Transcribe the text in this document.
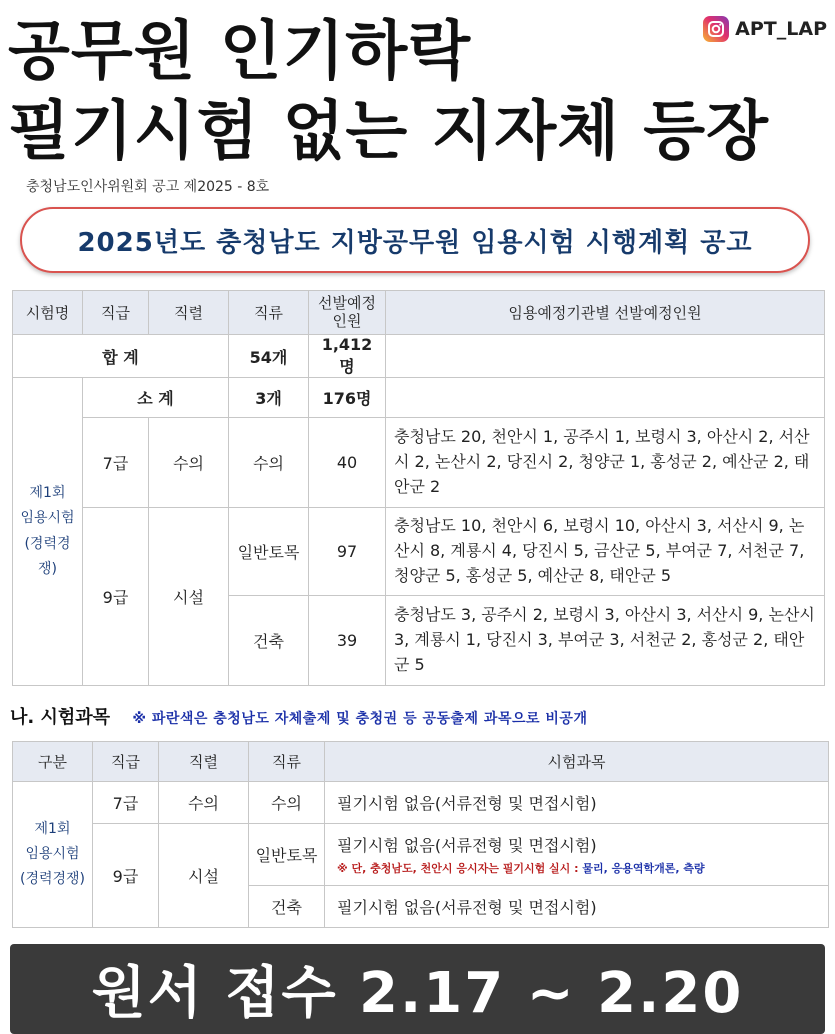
공무원 인기하락
필기시험 없는 지자체 등장
APT_LAP
충청남도인사위원회 공고 제2025 - 8호
2025년도 충청남도 지방공무원 임용시험 시행계획 공고
시험명	직급	직렬	직류	선발예정 인원	임용예정기관별 선발예정인원
합 계			54개	1,412명	

제1회
임용시험
(경력경쟁)	소 계		3개	176명	
	7급	수의	수의	40	충청남도 20, 천안시 1, 공주시 1, 보령시 3, 아산시 2, 서산시 2, 논산시 2, 당진시 2, 청양군 1, 홍성군 2, 예산군 2, 태안군 2
	9급	시설	일반토목	97	충청남도 10, 천안시 6, 보령시 10, 아산시 3, 서산시 9, 논산시 8, 계룡시 4, 당진시 5, 금산군 5, 부여군 7, 서천군 7, 청양군 5, 홍성군 5, 예산군 8, 태안군 5
			건축	39	충청남도 3, 공주시 2, 보령시 3, 아산시 3, 서산시 9, 논산시 3, 계룡시 1, 당진시 3, 부여군 3, 서천군 2, 홍성군 2, 태안군 5
나. 시험과목 ※ 파란색은 충청남도 자체출제 및 충청권 등 공동출제 과목으로 비공개
구분	직급	직렬	직류	시험과목

제1회
임용시험
(경력경쟁)	7급	수의	수의	필기시험 없음(서류전형 및 면접시험)
	9급	시설	일반토목	필기시험 없음(서류전형 및 면접시험)
※ 단, 충청남도, 천안시 응시자는 필기시험 실시 : 물리, 응용역학개론, 측량

			건축	필기시험 없음(서류전형 및 면접시험)
원서 접수 2.17 ~ 2.20
